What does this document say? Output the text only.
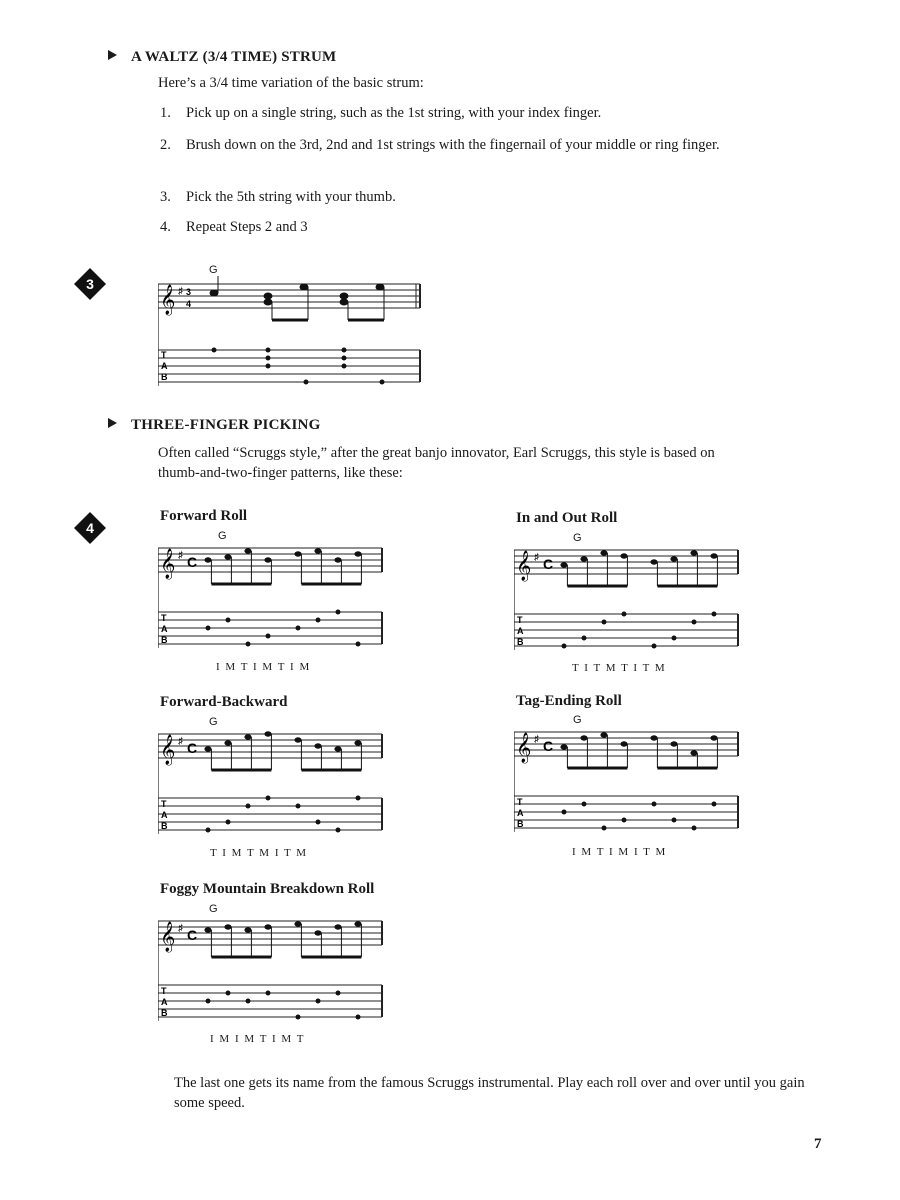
A WALTZ (3/4 TIME) STRUM
Here’s a 3/4 time variation of the basic strum:
1.	Pick up on a single string, such as the 1st string, with your index finger.
2.	Brush down on the 3rd, 2nd and 1st strings with the fingernail of your middle or ring finger.
3.	Pick the 5th string with your thumb.
4.	Repeat Steps 2 and 3
3
G
𝄞 ♯ 3
4
T
A
B
THREE-FINGER PICKING
Often called “Scruggs style,” after the great banjo innovator, Earl Scruggs, this style is based on thumb-and-two-finger patterns, like these:
4
Forward Roll
G
𝄞 ♯ C
T
A
B
I M T I M T I M
In and Out Roll
G
𝄞 ♯ C
T
A
B
T I T M T I T M
Forward-Backward
G
𝄞 ♯ C
T
A
B
T I M T M I T M
Tag-Ending Roll
G
𝄞 ♯ C
T
A
B
I M T I M I T M
Foggy Mountain Breakdown Roll
G
𝄞 ♯ C
T
A
B
I M I M T I M T
The last one gets its name from the famous Scruggs instrumental. Play each roll over and over until you gain some speed.
7
